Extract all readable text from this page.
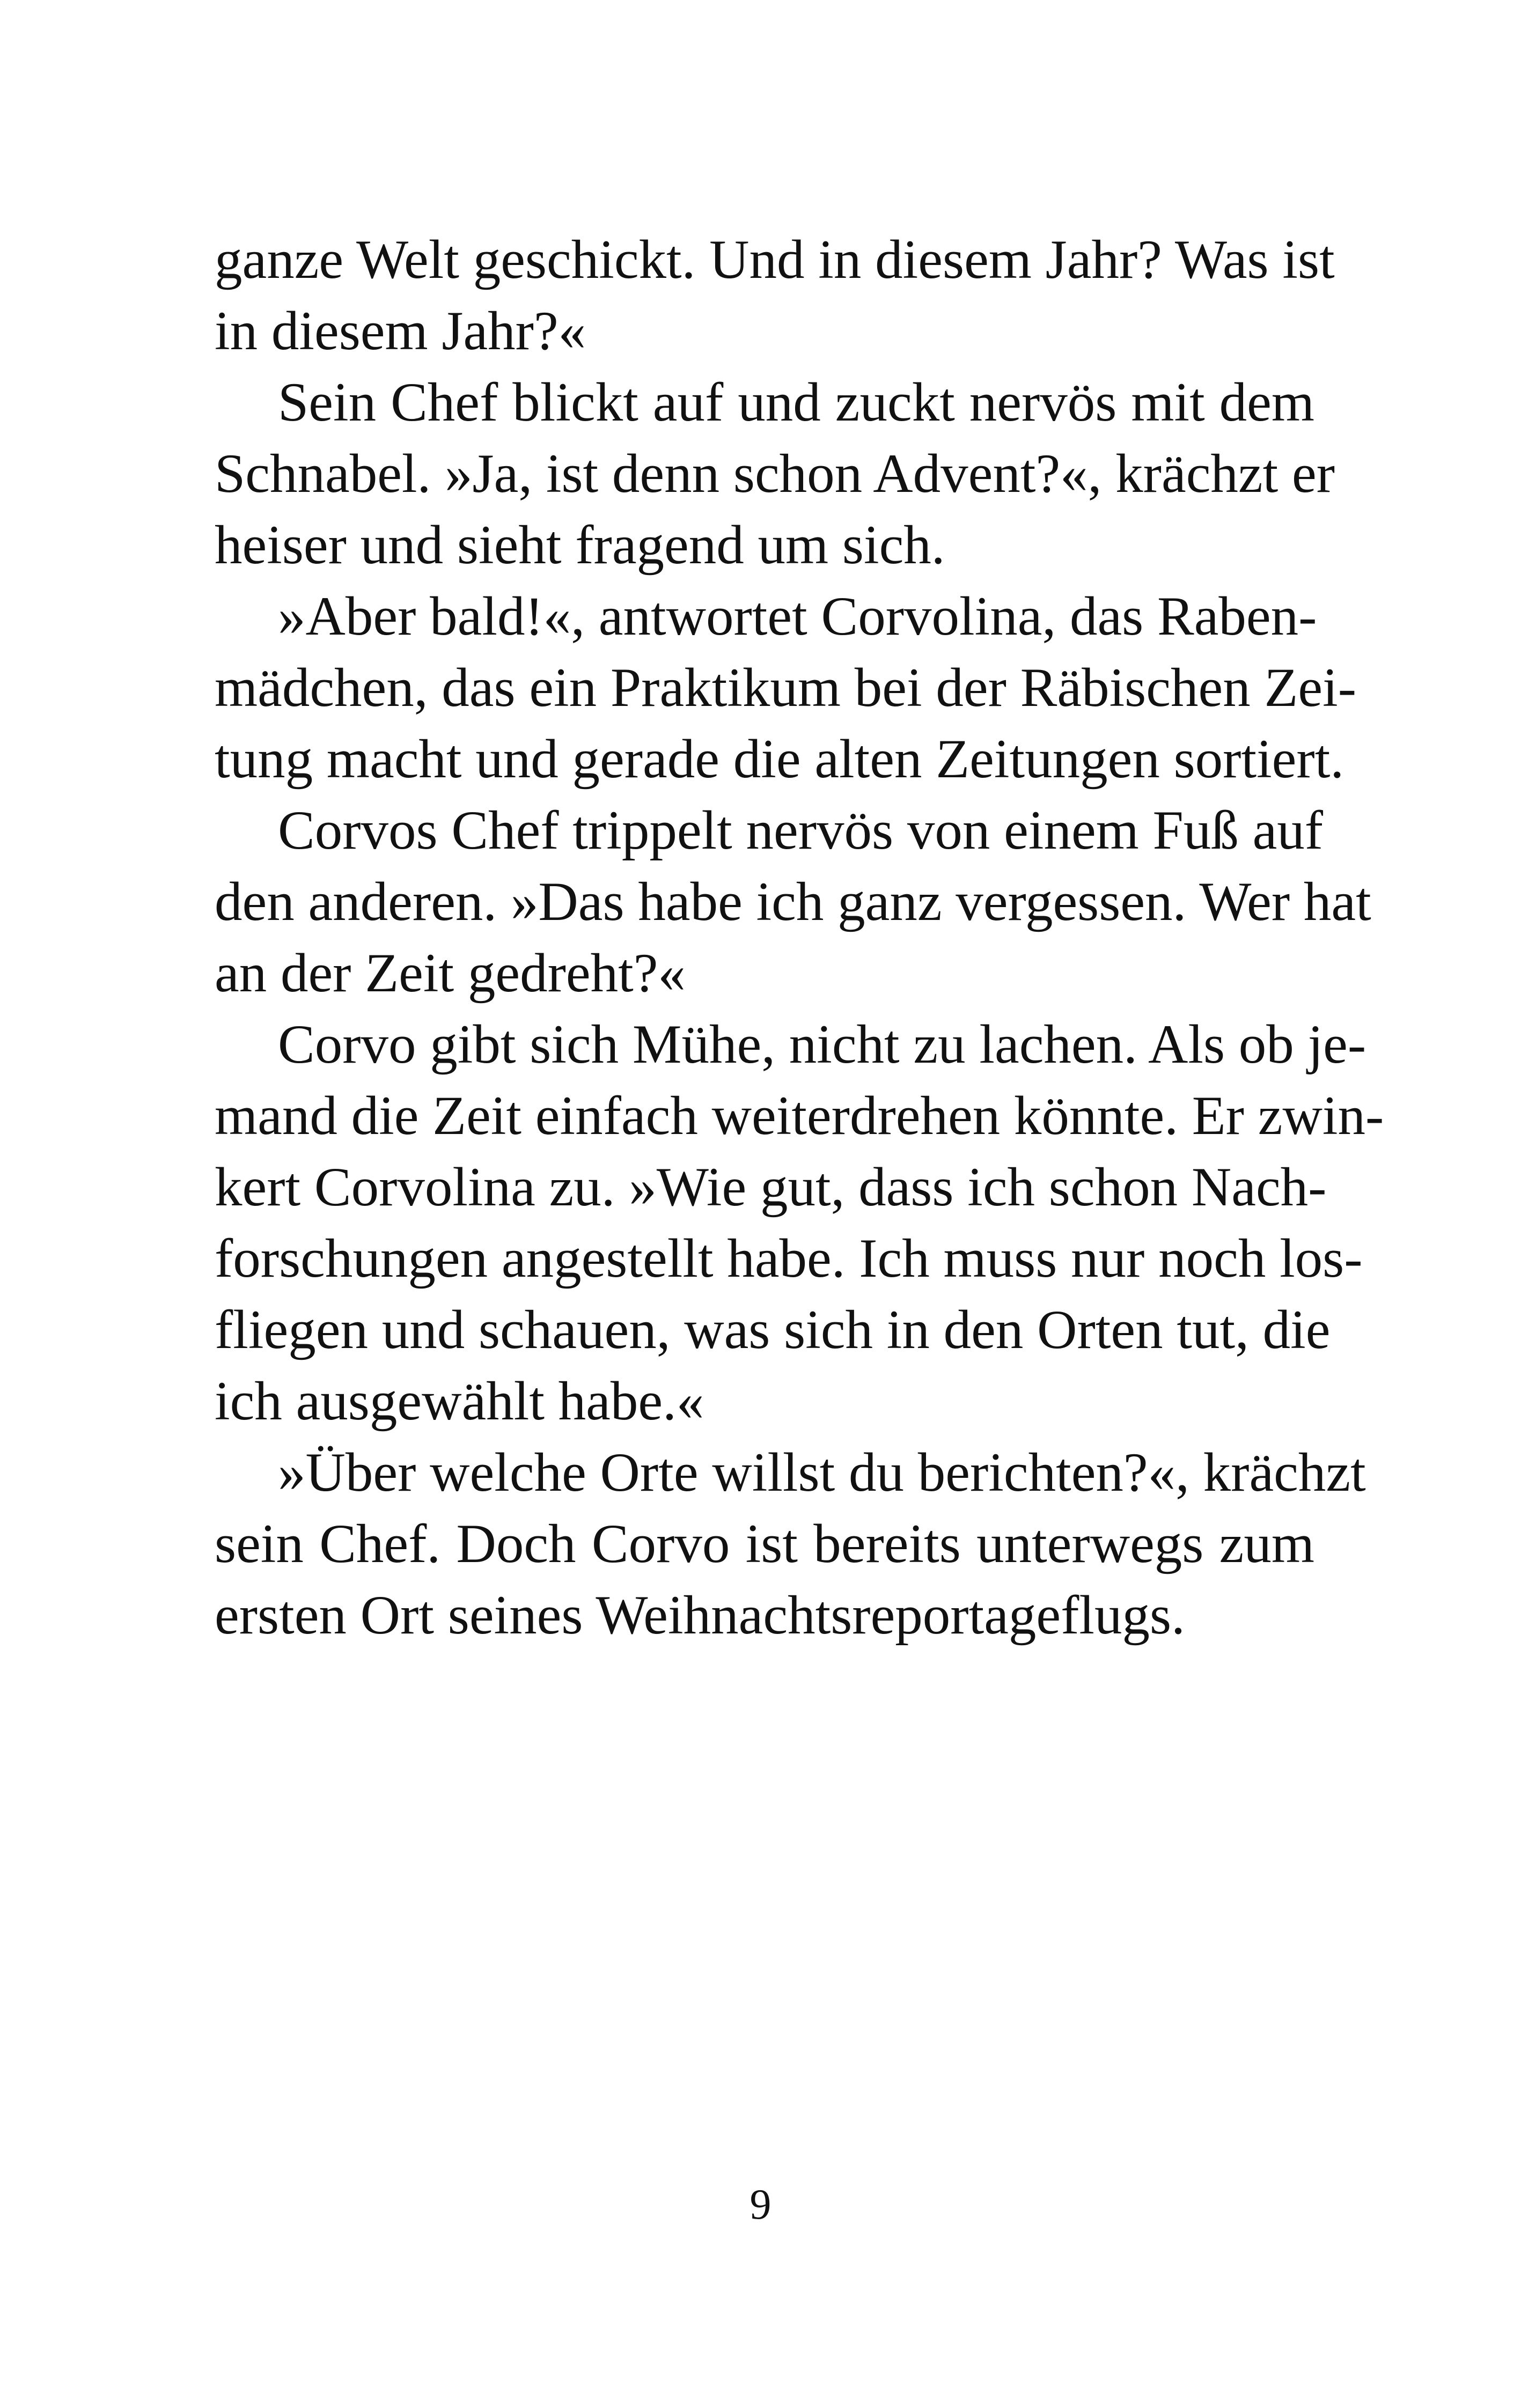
ganze Welt geschickt. Und in diesem Jahr? Was ist
in diesem Jahr?«
Sein Chef blickt auf und zuckt nervös mit dem
Schnabel. »Ja, ist denn schon Advent?«, krächzt er
heiser und sieht fragend um sich.
»Aber bald!«, antwortet Corvolina, das Raben-
mädchen, das ein Praktikum bei der Räbischen Zei-
tung macht und gerade die alten Zeitungen sortiert.
Corvos Chef trippelt nervös von einem Fuß auf
den anderen. »Das habe ich ganz vergessen. Wer hat
an der Zeit gedreht?«
Corvo gibt sich Mühe, nicht zu lachen. Als ob je-
mand die Zeit einfach weiterdrehen könnte. Er zwin-
kert Corvolina zu. »Wie gut, dass ich schon Nach-
forschungen angestellt habe. Ich muss nur noch los-
fliegen und schauen, was sich in den Orten tut, die
ich ausgewählt habe.«
»Über welche Orte willst du berichten?«, krächzt
sein Chef. Doch Corvo ist bereits unterwegs zum
ersten Ort seines Weihnachtsreportageflugs.
9
